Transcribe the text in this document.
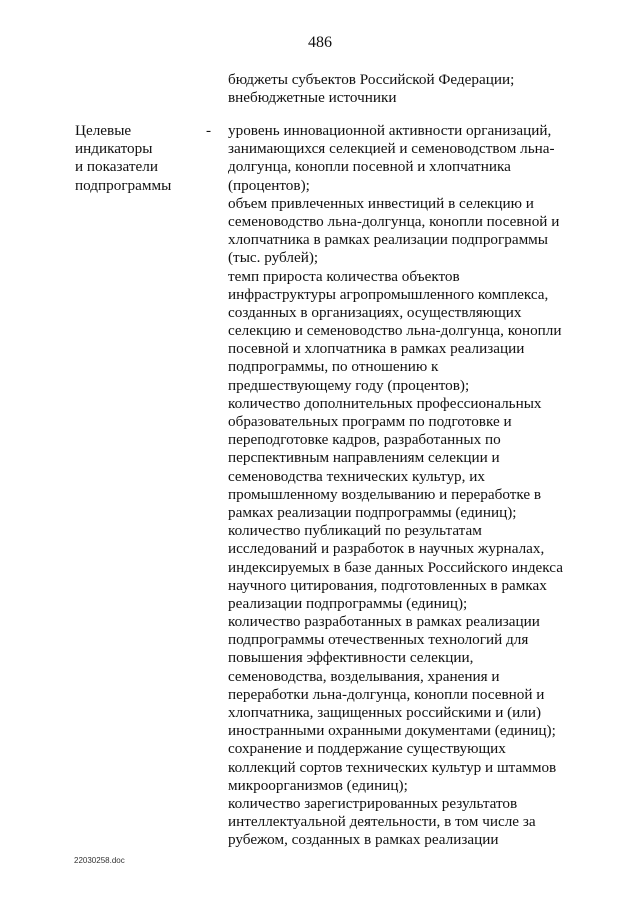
486
бюджеты субъектов Российской Федерации;
внебюджетные источники
Целевые
индикаторы
и показатели
подпрограммы
- уровень инновационной активности организаций,
занимающихся селекцией и семеноводством льна-
долгунца, конопли посевной и хлопчатника
(процентов);
объем привлеченных инвестиций в селекцию и
семеноводство льна-долгунца, конопли посевной и
хлопчатника в рамках реализации подпрограммы
(тыс. рублей);
темп прироста количества объектов
инфраструктуры агропромышленного комплекса,
созданных в организациях, осуществляющих
селекцию и семеноводство льна-долгунца, конопли
посевной и хлопчатника в рамках реализации
подпрограммы, по отношению к
предшествующему году (процентов);
количество дополнительных профессиональных
образовательных программ по подготовке и
переподготовке кадров, разработанных по
перспективным направлениям селекции и
семеноводства технических культур, их
промышленному возделыванию и переработке в
рамках реализации подпрограммы (единиц);
количество публикаций по результатам
исследований и разработок в научных журналах,
индексируемых в базе данных Российского индекса
научного цитирования, подготовленных в рамках
реализации подпрограммы (единиц);
количество разработанных в рамках реализации
подпрограммы отечественных технологий для
повышения эффективности селекции,
семеноводства, возделывания, хранения и
переработки льна-долгунца, конопли посевной и
хлопчатника, защищенных российскими и (или)
иностранными охранными документами (единиц);
сохранение и поддержание существующих
коллекций сортов технических культур и штаммов
микроорганизмов (единиц);
количество зарегистрированных результатов
интеллектуальной деятельности, в том числе за
рубежом, созданных в рамках реализации
22030258.doc
